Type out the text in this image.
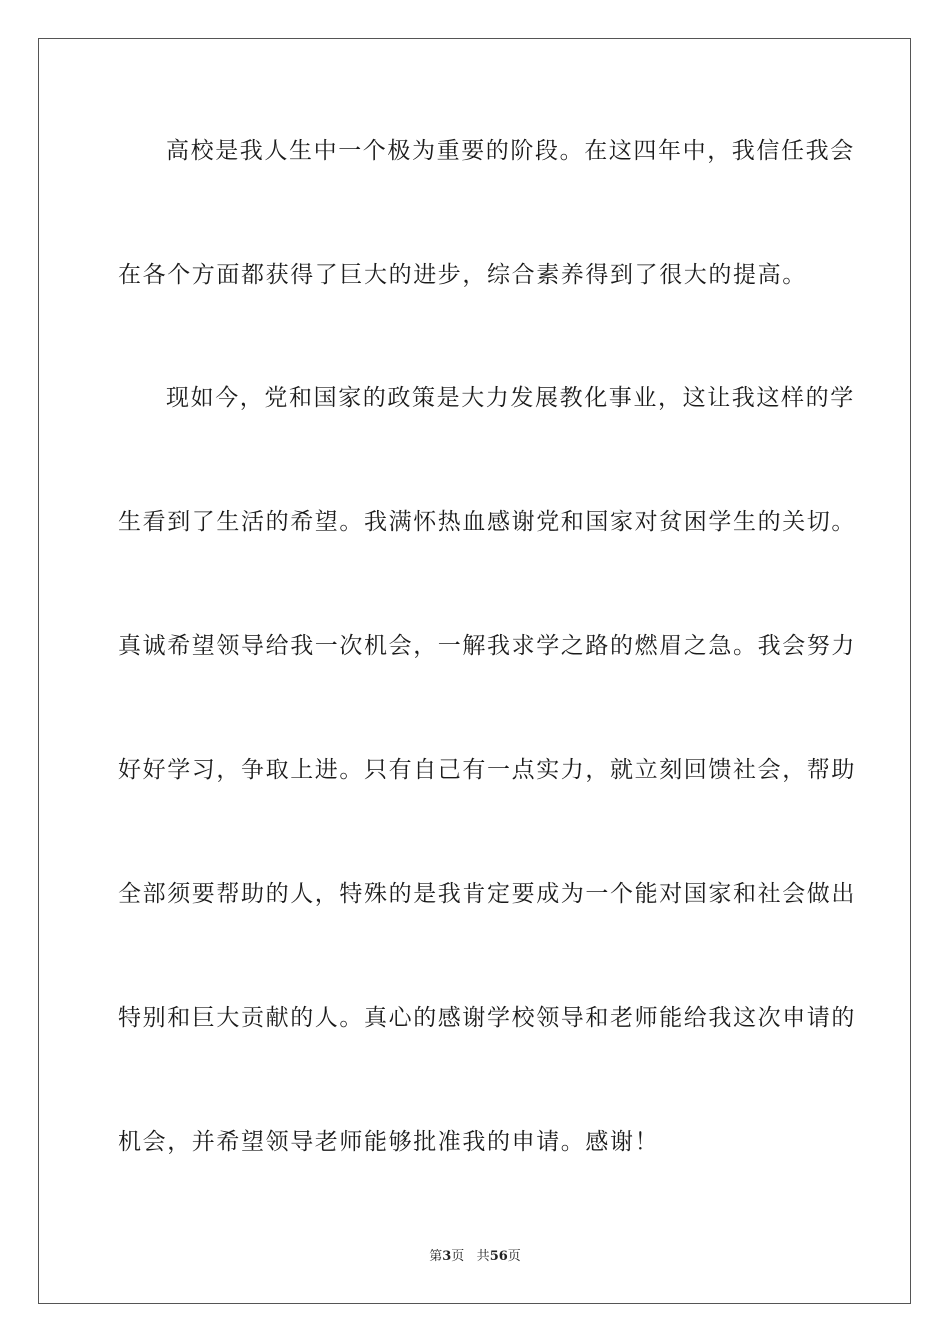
高校是我人生中一个极为重要的阶段。在这四年中，我信任我会
在各个方面都获得了巨大的进步，综合素养得到了很大的提高。
现如今，党和国家的政策是大力发展教化事业，这让我这样的学
生看到了生活的希望。我满怀热血感谢党和国家对贫困学生的关切。
真诚希望领导给我一次机会，一解我求学之路的燃眉之急。我会努力
好好学习，争取上进。只有自己有一点实力，就立刻回馈社会，帮助
全部须要帮助的人，特殊的是我肯定要成为一个能对国家和社会做出
特别和巨大贡献的人。真心的感谢学校领导和老师能给我这次申请的
机会，并希望领导老师能够批准我的申请。感谢！
第3页 共56页
